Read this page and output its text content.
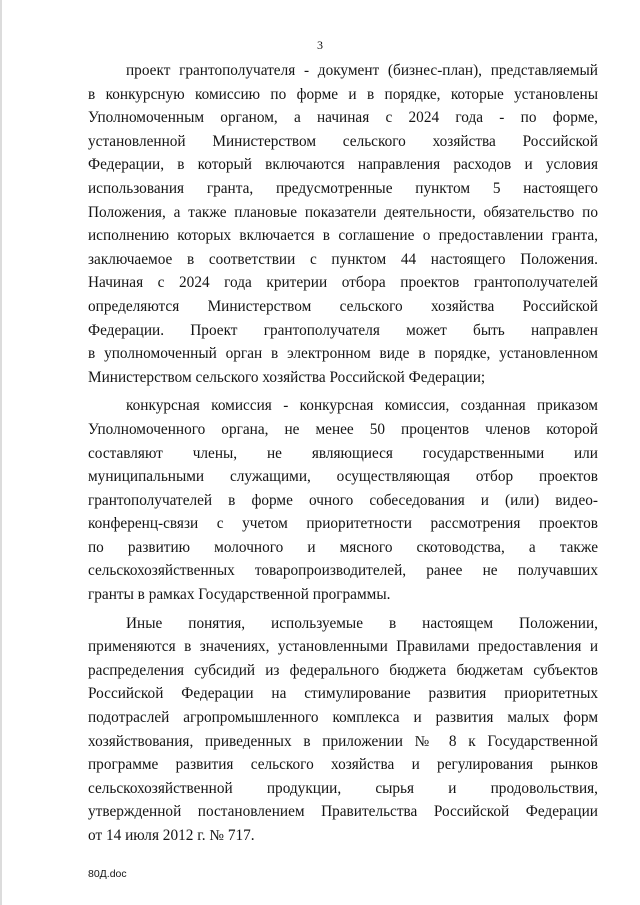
3
проект грантополучателя - документ (бизнес-план), представляемый
в конкурсную комиссию по форме и в порядке, которые установлены
Уполномоченным органом, а начиная с 2024 года - по форме,
установленной Министерством сельского хозяйства Российской
Федерации, в который включаются направления расходов и условия
использования гранта, предусмотренные пунктом 5 настоящего
Положения, а также плановые показатели деятельности, обязательство по
исполнению которых включается в соглашение о предоставлении гранта,
заключаемое в соответствии с пунктом 44 настоящего Положения.
Начиная с 2024 года критерии отбора проектов грантополучателей
определяются Министерством сельского хозяйства Российской
Федерации. Проект грантополучателя может быть направлен
в уполномоченный орган в электронном виде в порядке, установленном
Министерством сельского хозяйства Российской Федерации;
конкурсная комиссия - конкурсная комиссия, созданная приказом
Уполномоченного органа, не менее 50 процентов членов которой
составляют члены, не являющиеся государственными или
муниципальными служащими, осуществляющая отбор проектов
грантополучателей в форме очного собеседования и (или) видео-
конференц-связи с учетом приоритетности рассмотрения проектов
по развитию молочного и мясного скотоводства, а также
сельскохозяйственных товаропроизводителей, ранее не получавших
гранты в рамках Государственной программы.
Иные понятия, используемые в настоящем Положении,
применяются в значениях, установленными Правилами предоставления и
распределения субсидий из федерального бюджета бюджетам субъектов
Российской Федерации на стимулирование развития приоритетных
подотраслей агропромышленного комплекса и развития малых форм
хозяйствования, приведенных в приложении № 8 к Государственной
программе развития сельского хозяйства и регулирования рынков
сельскохозяйственной продукции, сырья и продовольствия,
утвержденной постановлением Правительства Российской Федерации
от 14 июля 2012 г. № 717.
80Д.doc
